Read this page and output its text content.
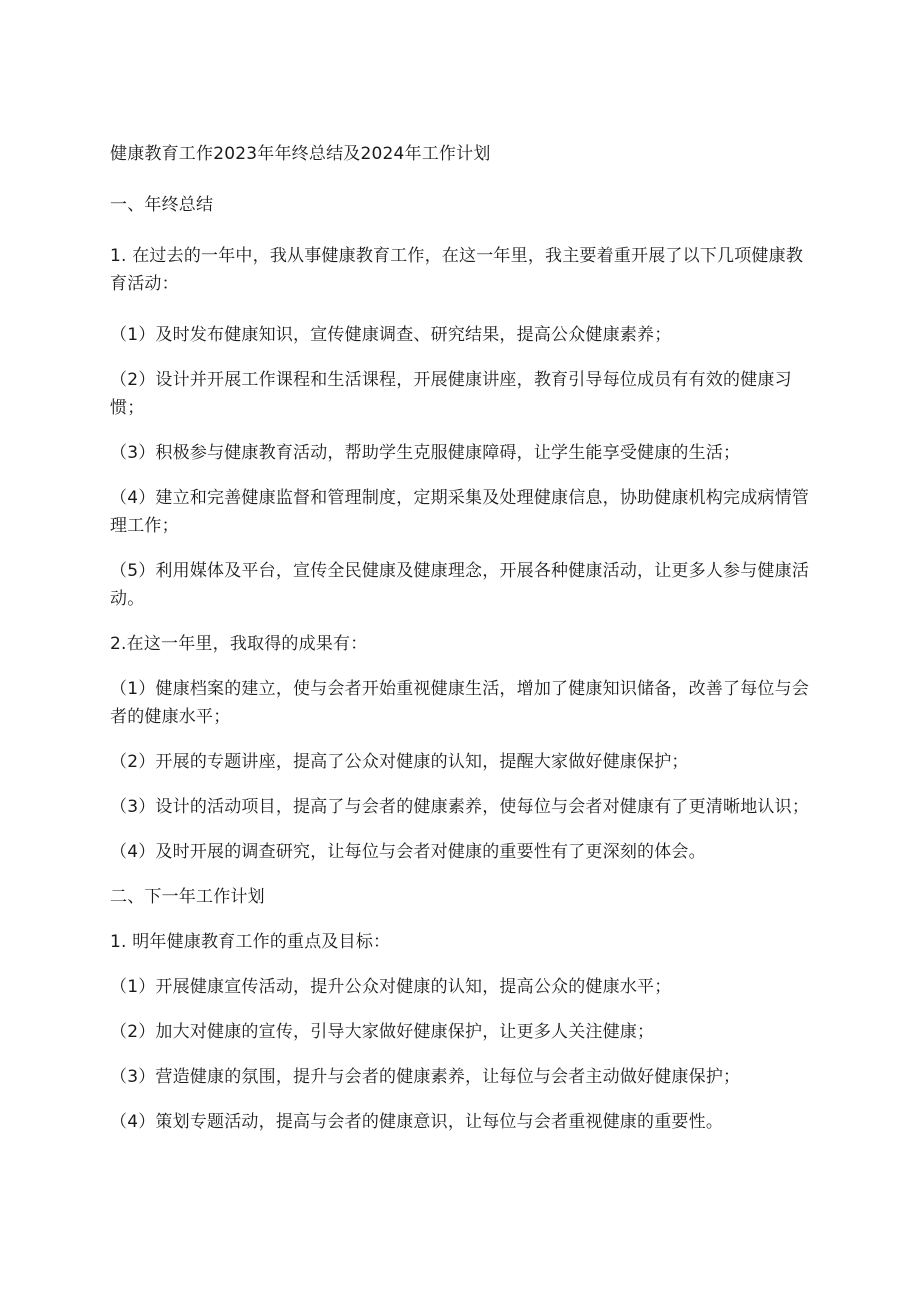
健康教育工作2023年年终总结及2024年工作计划

一、年终总结

1. 在过去的一年中，我从事健康教育工作，在这一年里，我主要着重开展了以下几项健康教育活动：

（1）及时发布健康知识，宣传健康调查、研究结果，提高公众健康素养；

（2）设计并开展工作课程和生活课程，开展健康讲座，教育引导每位成员有有效的健康习惯；

（3）积极参与健康教育活动，帮助学生克服健康障碍，让学生能享受健康的生活；

（4）建立和完善健康监督和管理制度，定期采集及处理健康信息，协助健康机构完成病情管理工作；

（5）利用媒体及平台，宣传全民健康及健康理念，开展各种健康活动，让更多人参与健康活动。

2.在这一年里，我取得的成果有：

（1）健康档案的建立，使与会者开始重视健康生活，增加了健康知识储备，改善了每位与会者的健康水平；

（2）开展的专题讲座，提高了公众对健康的认知，提醒大家做好健康保护；

（3）设计的活动项目，提高了与会者的健康素养，使每位与会者对健康有了更清晰地认识；

（4）及时开展的调查研究，让每位与会者对健康的重要性有了更深刻的体会。

二、下一年工作计划

1. 明年健康教育工作的重点及目标：

（1）开展健康宣传活动，提升公众对健康的认知，提高公众的健康水平；

（2）加大对健康的宣传，引导大家做好健康保护，让更多人关注健康；

（3）营造健康的氛围，提升与会者的健康素养，让每位与会者主动做好健康保护；

（4）策划专题活动，提高与会者的健康意识，让每位与会者重视健康的重要性。
